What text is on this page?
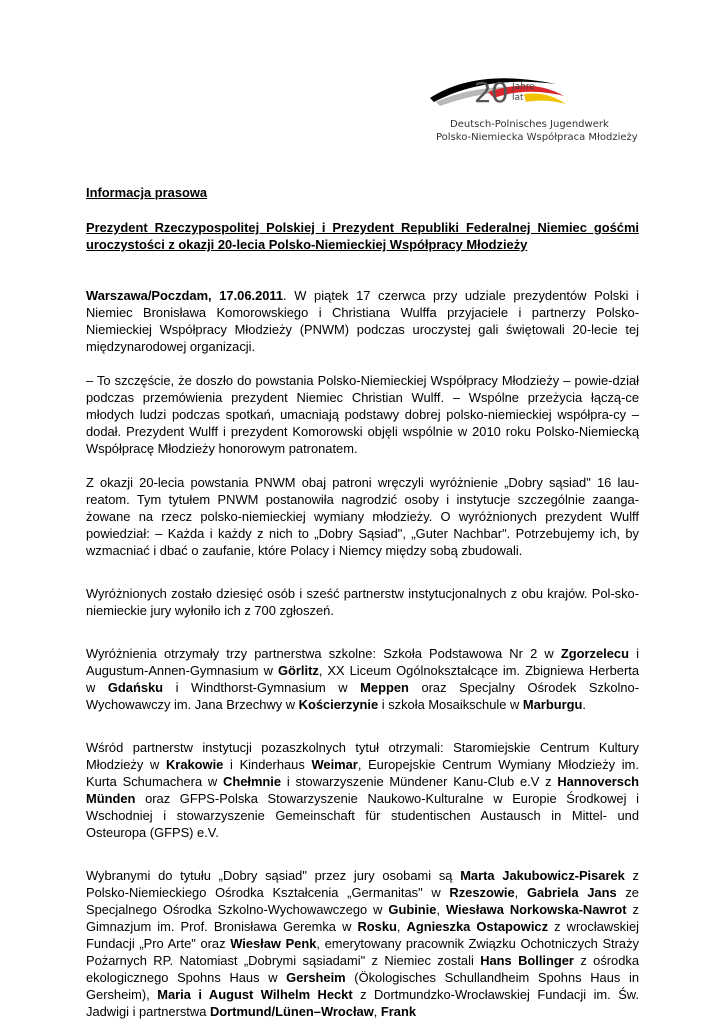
20 Jahre
lat
Deutsch-Polnisches Jugendwerk
Polsko-Niemiecka Współpraca Młodzieży

Informacja prasowa

Prezydent Rzeczypospolitej Polskiej i Prezydent Republiki Federalnej Niemiec gośćmi uroczystości z okazji 20-lecia Polsko-Niemieckiej Współpracy Młodzieży

Warszawa/Poczdam, 17.06.2011. W piątek 17 czerwca przy udziale prezydentów Polski i Niemiec Bronisława Komorowskiego i Christiana Wulffa przyjaciele i partnerzy Polsko-Niemieckiej Współpracy Młodzieży (PNWM) podczas uroczystej gali świętowali 20-lecie tej międzynarodowej organizacji.

– To szczęście, że doszło do powstania Polsko-Niemieckiej Współpracy Młodzieży – powie-dział podczas przemówienia prezydent Niemiec Christian Wulff. – Wspólne przeżycia łączą-ce młodych ludzi podczas spotkań, umacniają podstawy dobrej polsko-niemieckiej współpra-cy – dodał. Prezydent Wulff i prezydent Komorowski objęli wspólnie w 2010 roku Polsko-Niemiecką Współpracę Młodzieży honorowym patronatem.

Z okazji 20-lecia powstania PNWM obaj patroni wręczyli wyróżnienie „Dobry sąsiad" 16 lau-reatom. Tym tytułem PNWM postanowiła nagrodzić osoby i instytucje szczególnie zaanga-żowane na rzecz polsko-niemieckiej wymiany młodzieży. O wyróżnionych prezydent Wulff powiedział: – Każda i każdy z nich to „Dobry Sąsiad", „Guter Nachbar". Potrzebujemy ich, by wzmacniać i dbać o zaufanie, które Polacy i Niemcy między sobą zbudowali.

Wyróżnionych zostało dziesięć osób i sześć partnerstw instytucjonalnych z obu krajów. Pol-sko-niemieckie jury wyłoniło ich z 700 zgłoszeń.

Wyróżnienia otrzymały trzy partnerstwa szkolne: Szkoła Podstawowa Nr 2 w Zgorzelecu i Augustum-Annen-Gymnasium w Görlitz, XX Liceum Ogólnokształcące im. Zbigniewa Herberta w Gdańsku i Windthorst-Gymnasium w Meppen oraz Specjalny Ośrodek Szkolno-Wychowawczy im. Jana Brzechwy w Kościerzynie i szkoła Mosaikschule w Marburgu.

Wśród partnerstw instytucji pozaszkolnych tytuł otrzymali: Staromiejskie Centrum Kultury Młodzieży w Krakowie i Kinderhaus Weimar, Europejskie Centrum Wymiany Młodzieży im. Kurta Schumachera w Chełmnie i stowarzyszenie Mündener Kanu-Club e.V z Hannoversch Münden oraz GFPS-Polska Stowarzyszenie Naukowo-Kulturalne w Europie Środkowej i Wschodniej i stowarzyszenie Gemeinschaft für studentischen Austausch in Mittel- und Osteuropa (GFPS) e.V.

Wybranymi do tytułu „Dobry sąsiad" przez jury osobami są Marta Jakubowicz-Pisarek z Polsko-Niemieckiego Ośrodka Kształcenia „Germanitas" w Rzeszowie, Gabriela Jans ze Specjalnego Ośrodka Szkolno-Wychowawczego w Gubinie, Wiesława Norkowska-Nawrot z Gimnazjum im. Prof. Bronisława Geremka w Rosku, Agnieszka Ostapowicz z wrocławskiej Fundacji „Pro Arte" oraz Wiesław Penk, emerytowany pracownik Związku Ochotniczych Straży Pożarnych RP. Natomiast „Dobrymi sąsiadami" z Niemiec zostali Hans Bollinger z ośrodka ekologicznego Spohns Haus w Gersheim (Ökologisches Schullandheim Spohns Haus in Gersheim), Maria i August Wilhelm Heckt z Dortmundzko-Wrocławskiej Fundacji im. Św. Jadwigi i partnerstwa Dortmund/Lünen–Wrocław, Frank
